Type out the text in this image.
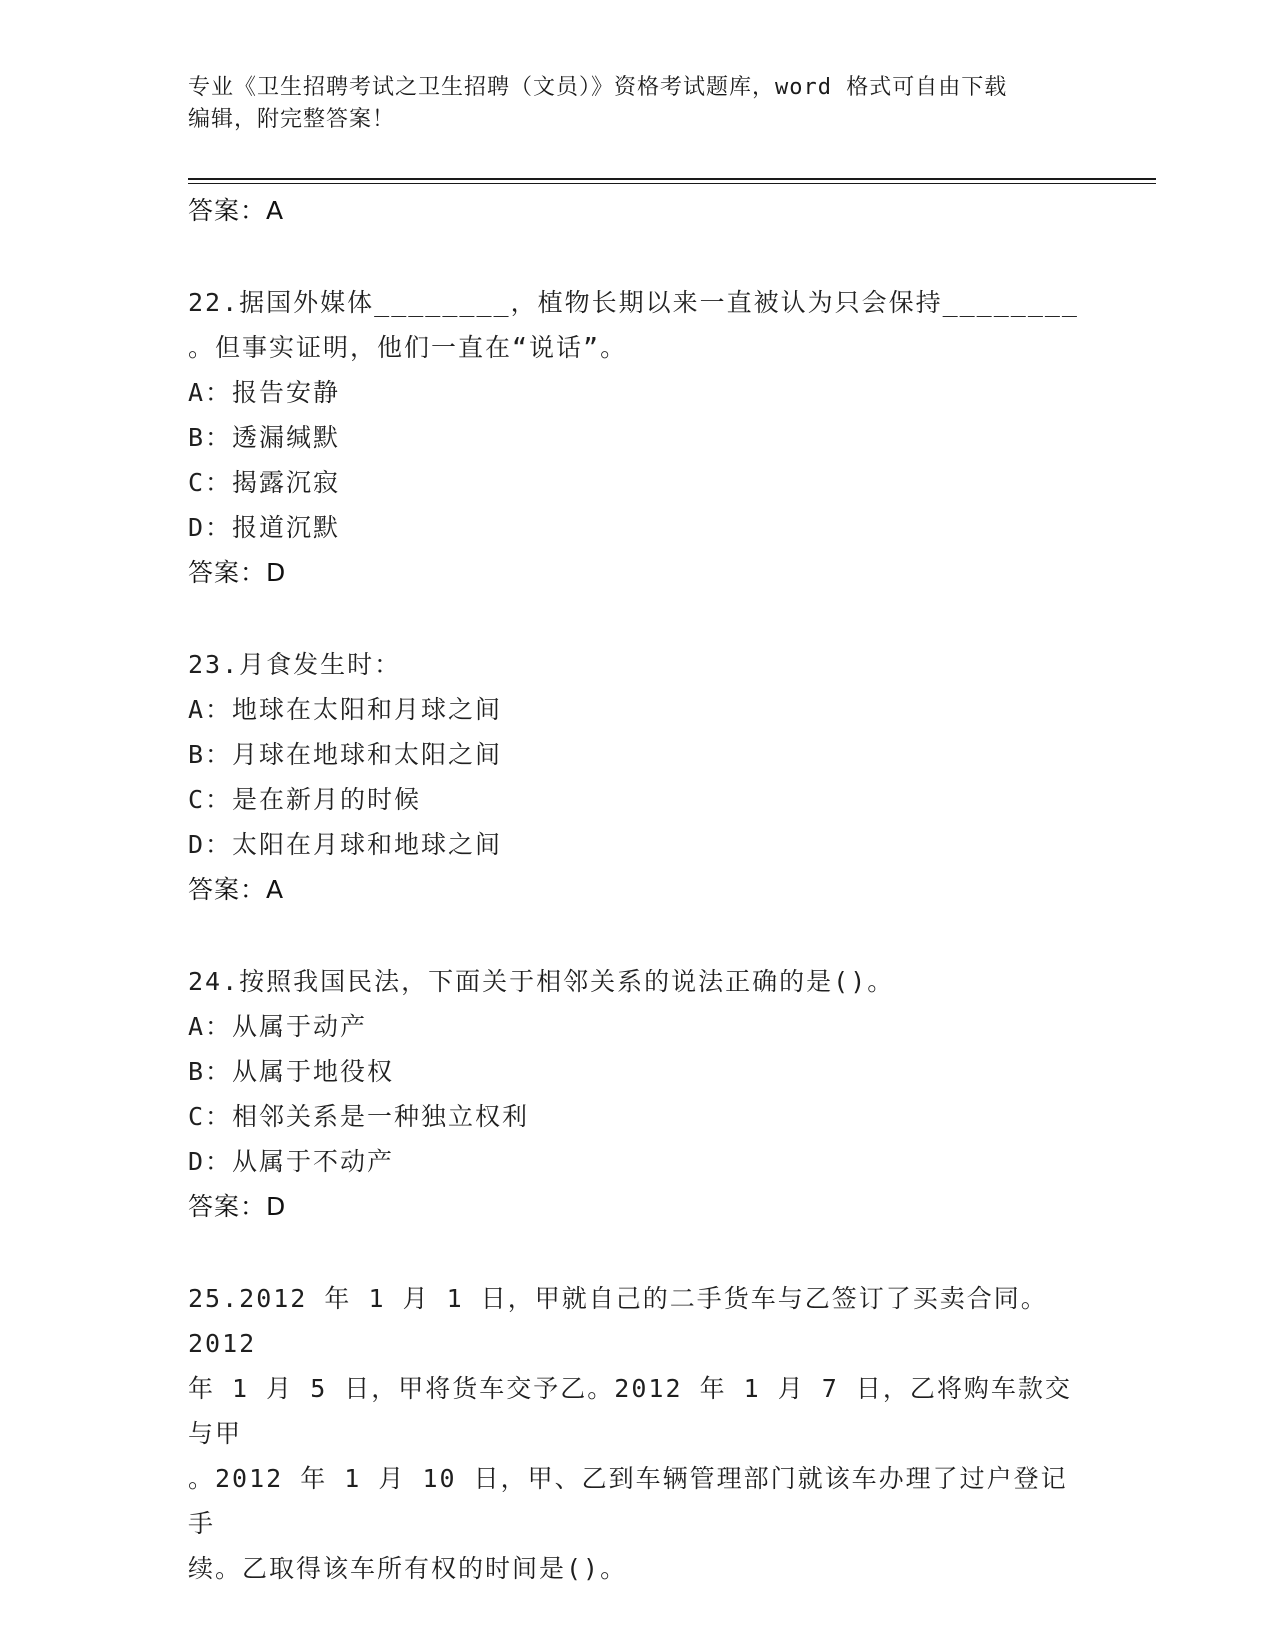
专业《卫生招聘考试之卫生招聘（文员）》资格考试题库，word 格式可自由下载
编辑，附完整答案！

答案：A

22.据国外媒体________，植物长期以来一直被认为只会保持________

。但事实证明，他们一直在“说话”。

A：报告安静

B：透漏缄默

C：揭露沉寂

D：报道沉默

答案：D

23.月食发生时：

A：地球在太阳和月球之间

B：月球在地球和太阳之间

C：是在新月的时候

D：太阳在月球和地球之间

答案：A

24.按照我国民法，下面关于相邻关系的说法正确的是()。

A：从属于动产

B：从属于地役权

C：相邻关系是一种独立权利

D：从属于不动产

答案：D

25.2012 年 1 月 1 日，甲就自己的二手货车与乙签订了买卖合同。2012

年 1 月 5 日，甲将货车交予乙。2012 年 1 月 7 日，乙将购车款交与甲

。2012 年 1 月 10 日，甲、乙到车辆管理部门就该车办理了过户登记手

续。乙取得该车所有权的时间是()。
